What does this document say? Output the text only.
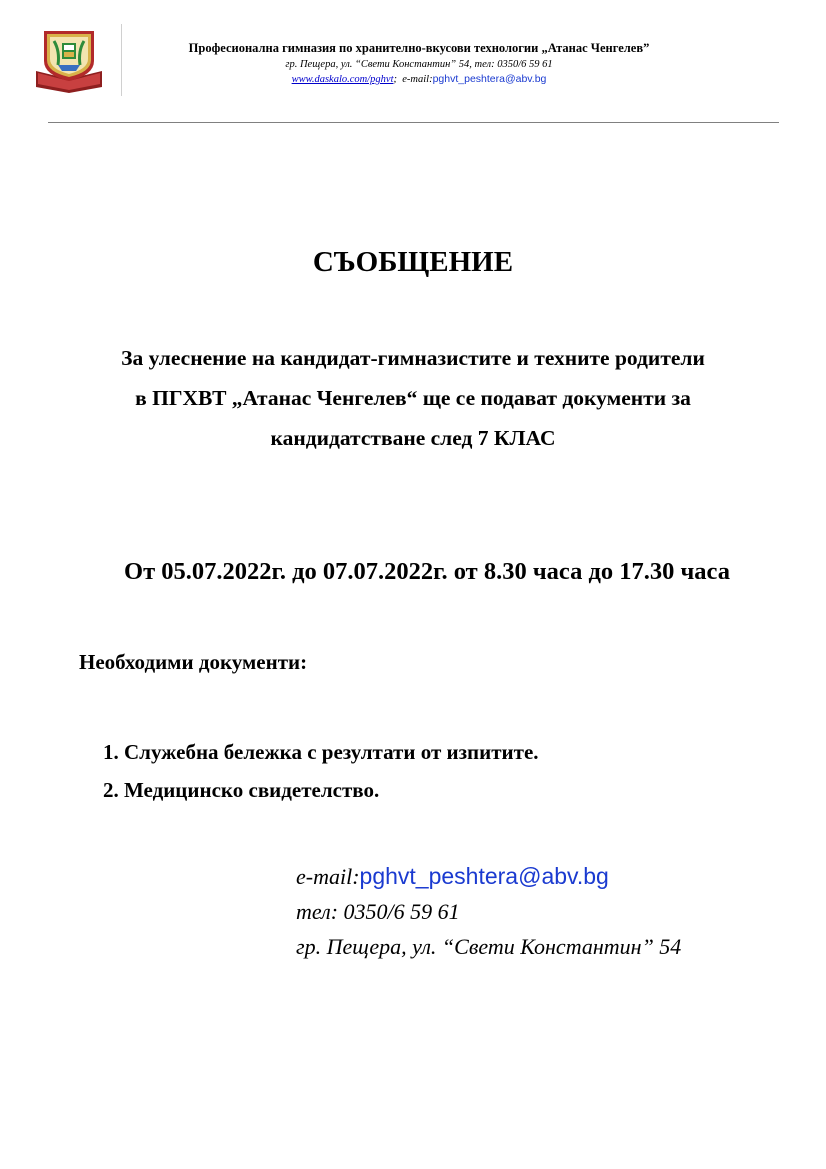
Професионална гимназия по хранително-вкусови технологии „Атанас Ченгелев”
гр. Пещера, ул. “Свети Константин” 54, тел: 0350/6 59 61
www.daskalo.com/pghvt; e-mail:pghvt_peshtera@abv.bg
СЪОБЩЕНИЕ
За улеснение на кандидат-гимназистите и техните родители
в ПГХВТ „Атанас Ченгелев“ ще се подават документи за
кандидатстване след 7 КЛАС
От 05.07.2022г. до 07.07.2022г. от 8.30 часа до 17.30 часа
Необходими документи:
1. Служебна бележка с резултати от изпитите.
2. Медицинско свидетелство.
e-mail:pghvt_peshtera@abv.bg
тел: 0350/6 59 61
гр. Пещера, ул. “Свети Константин” 54
